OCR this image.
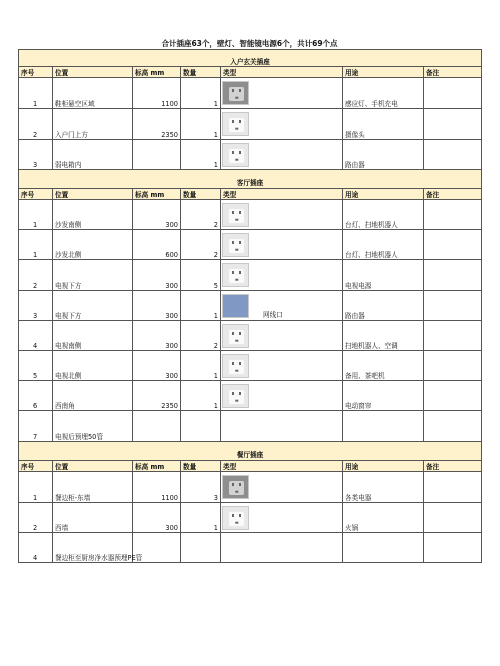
合计插座63个，壁灯、智能镜电源6个，共计69个点
入户玄关插座						

序号	位置	标高 mm	数量	类型	用途	备注
1	鞋柜悬空区域	1100	1		感应灯、手机充电	
2	入户门上方	2350	1		摄像头	
3	弱电箱内		1		路由器	

客厅插座						

序号	位置	标高 mm	数量	类型	用途	备注
1	沙发南侧	300	2		台灯、扫地机器人	
1	沙发北侧	600	2		台灯、扫地机器人	
2	电视下方	300	5		电视电源	
3	电视下方	300	1	网线口	路由器	
4	电视南侧	300	2		扫地机器人、空调	
5	电视北侧	300	1		备用、茶吧机	
6	西南角	2350	1		电动窗帘	
7	电视后预埋50管			

餐厅插座						

序号	位置	标高 mm	数量	类型	用途	备注
1	餐边柜-东墙	1100	3		各类电器	
2	西墙	300	1		火锅	
4	餐边柜至厨房净水器预埋PE管			
